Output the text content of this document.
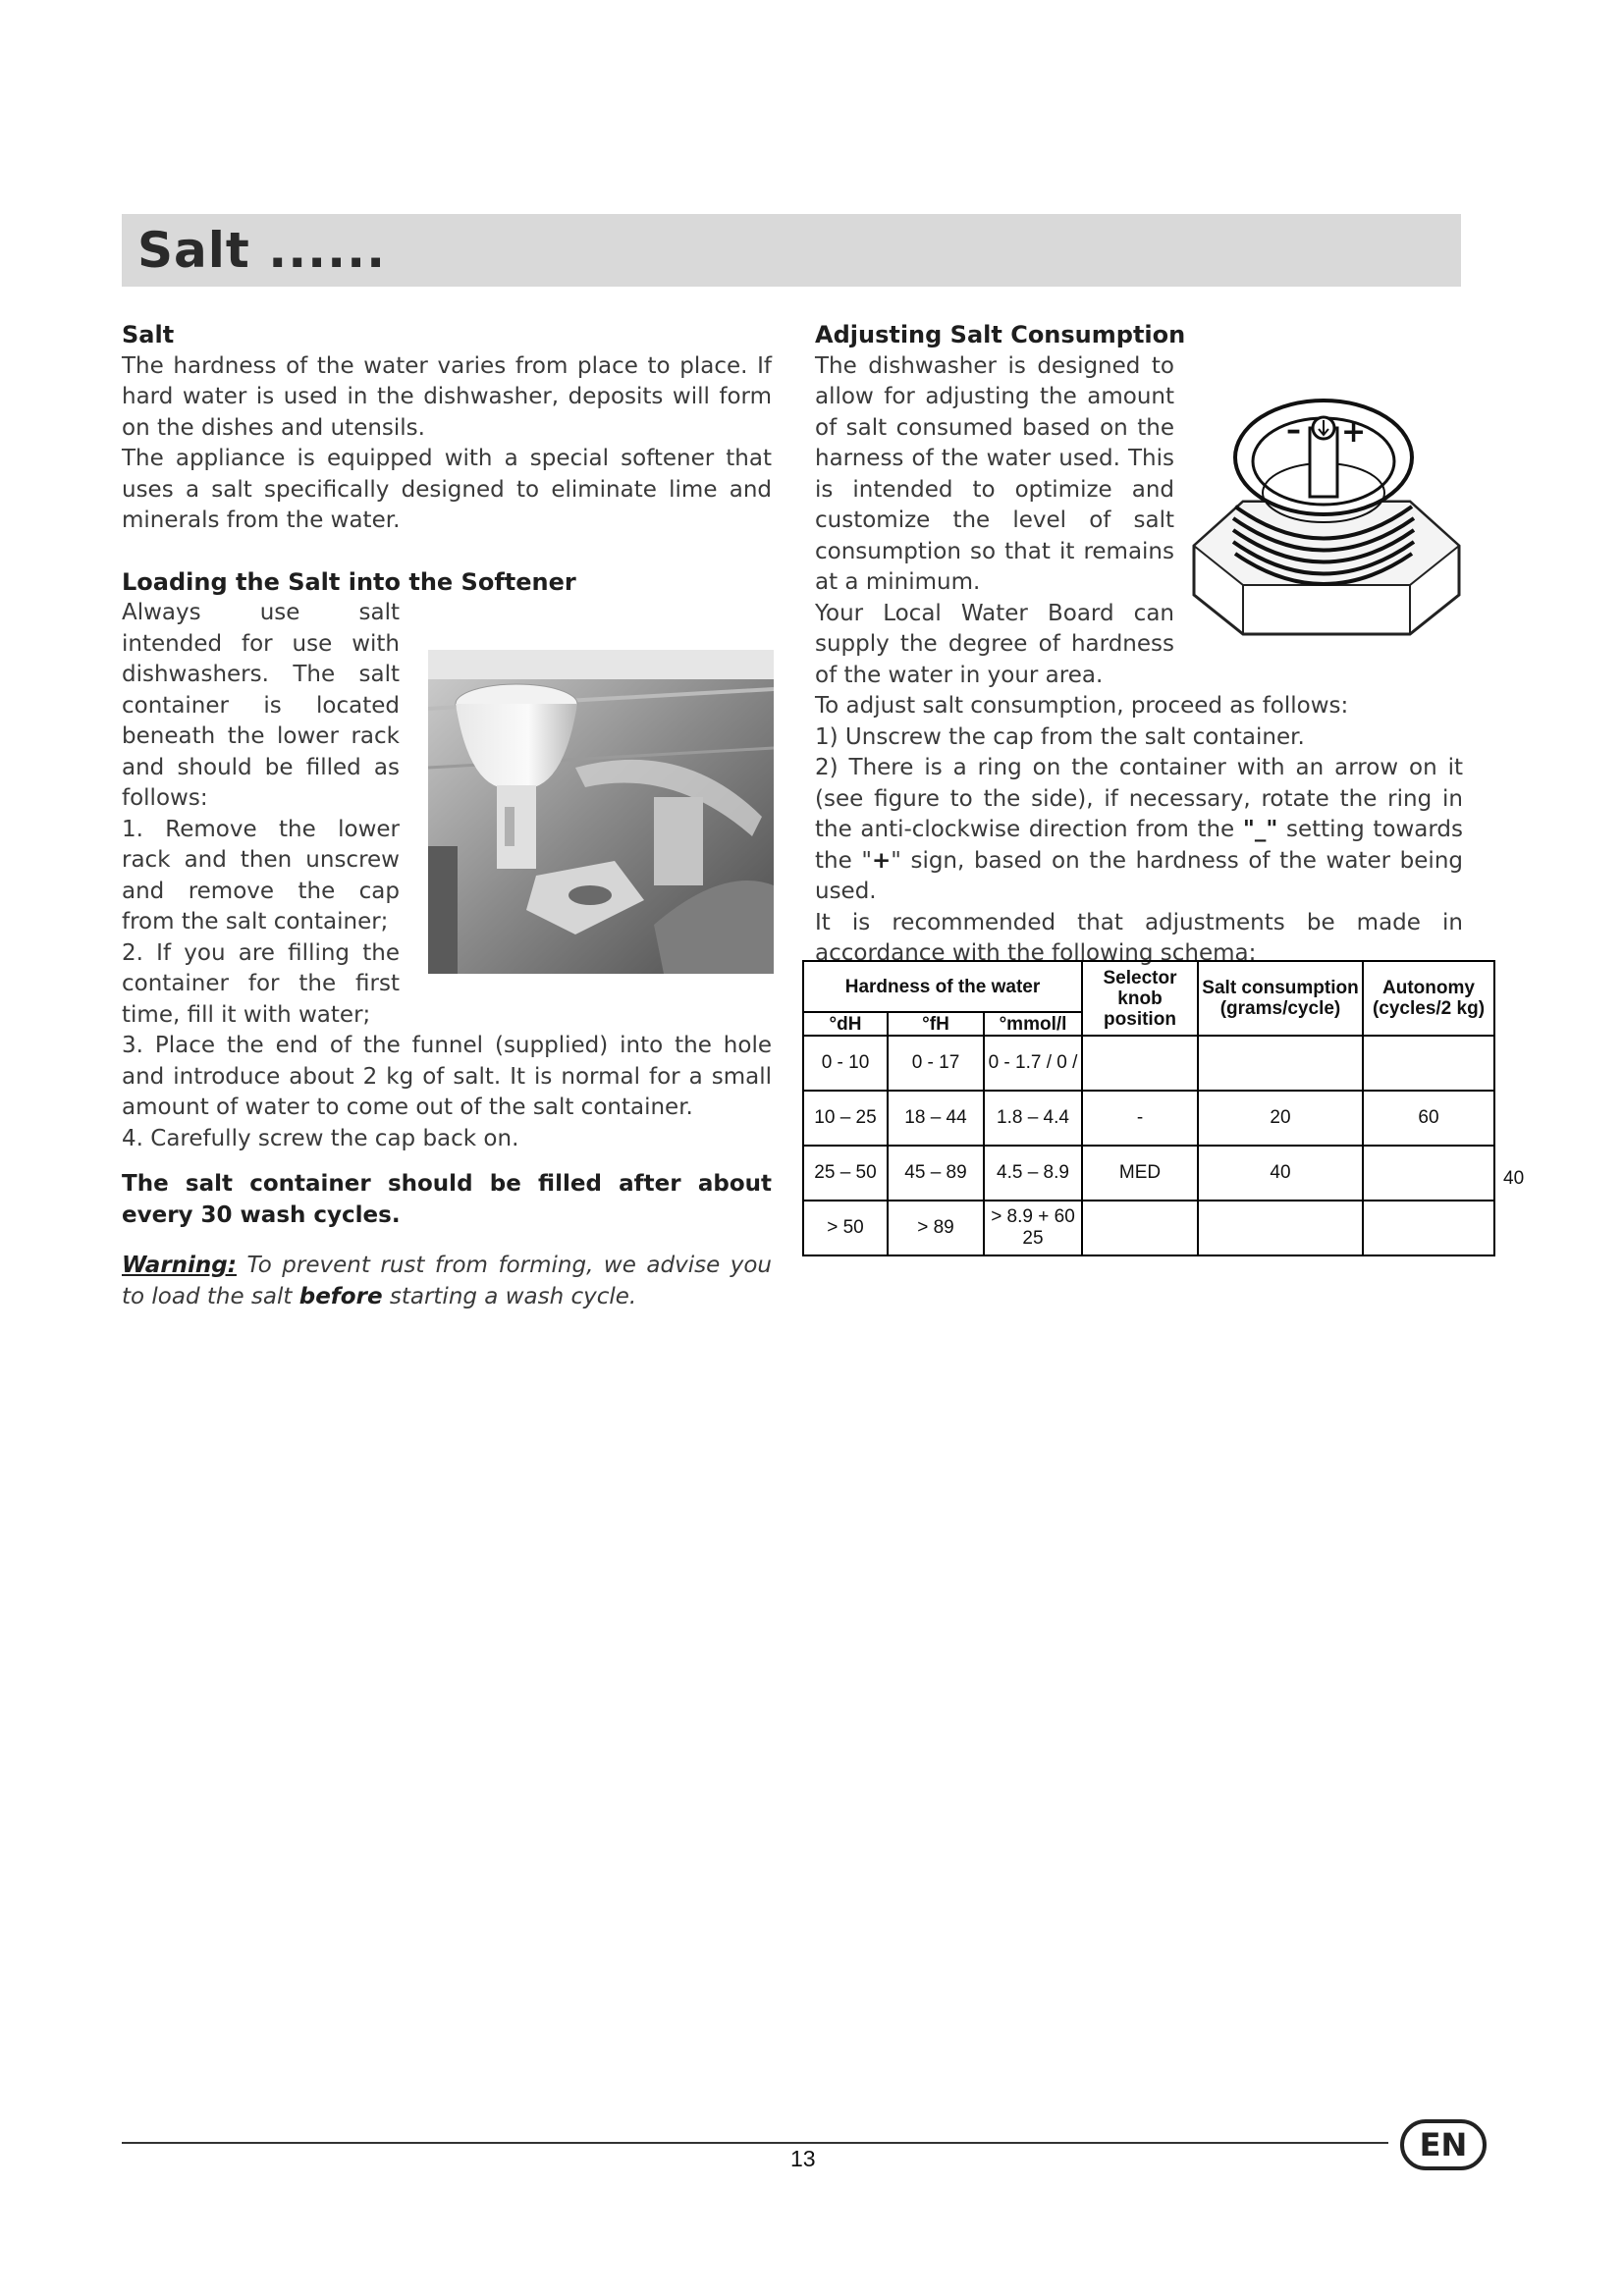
Salt ......

Salt

The hardness of the water varies from place to place. If hard water is used in the dishwasher, deposits will form on the dishes and utensils.

The appliance is equipped with a special softener that uses a salt specifically designed to eliminate lime and minerals from the water.

Loading the Salt into the Softener

Always use salt intended for use with dishwashers. The salt container is located beneath the lower rack and should be filled as follows:

1. Remove the lower rack and then unscrew and remove the cap from the salt container;

2. If you are filling the container for the first time, fill it with water;

3. Place the end of the funnel (supplied) into the hole and introduce about 2 kg of salt. It is normal for a small amount of water to come out of the salt container.

4. Carefully screw the cap back on.

The salt container should be filled after about every 30 wash cycles.

Warning: To prevent rust from forming, we advise you to load the salt before starting a wash cycle.

Adjusting Salt Consumption

The dishwasher is designed to allow for adjusting the amount of salt consumed based on the harness of the water used. This is intended to optimize and customize the level of salt consumption so that it remains at a minimum.

Your Local Water Board can supply the degree of hardness of the water in your area.

To adjust salt consumption, proceed as follows:

1) Unscrew the cap from the salt container.

2) There is a ring on the container with an arrow on it (see figure to the side), if necessary, rotate the ring in the anti-clockwise direction from the "_" setting towards the "+" sign, based on the hardness of the water being used.

It is recommended that adjustments be made in accordance with the following schema:

– +
Hardness of the water			Selector knob position	Salt consumption (grams/cycle)	Autonomy (cycles/2 kg)
°dH	°fH	°mmol/l			
0 - 10	0 - 17	0 - 1.7 / 0 /			
10 – 25	18 – 44	1.8 – 4.4	-	20	60
25 – 50	45 – 89	4.5 – 8.9	MED	40	
> 50	> 89	> 8.9 + 60 25			
40
13	EN
